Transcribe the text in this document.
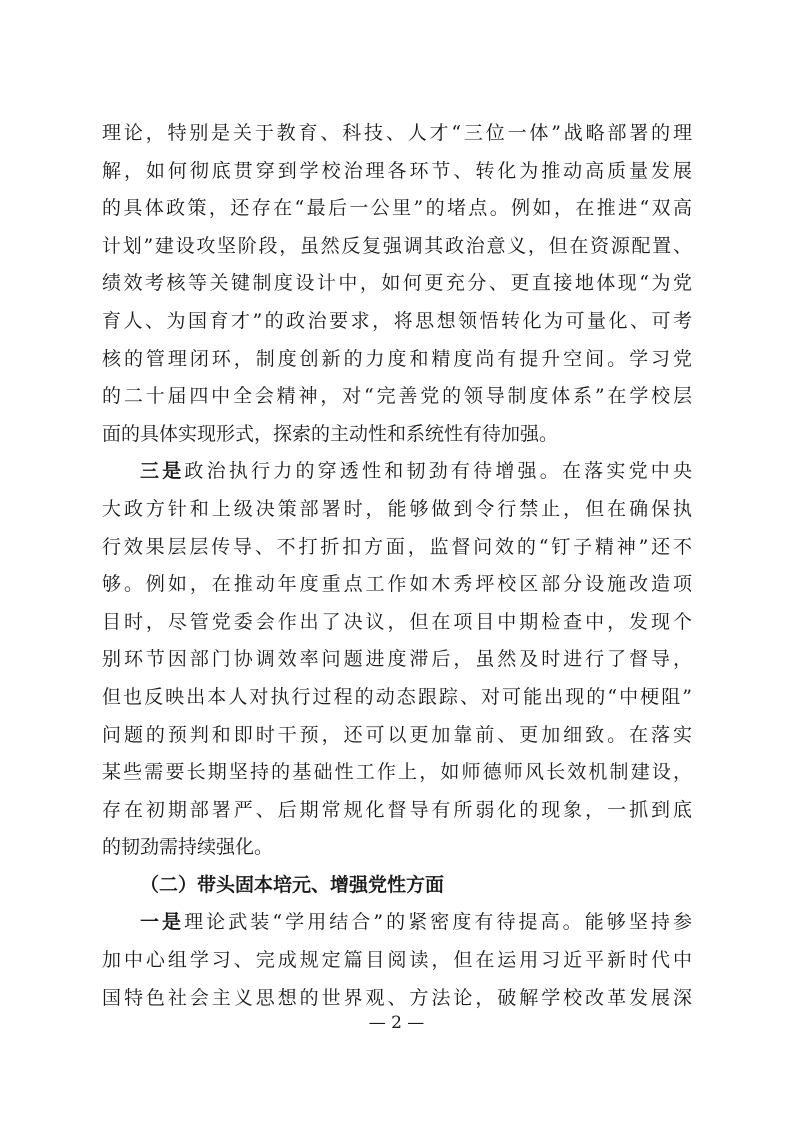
理论，特别是关于教育、科技、人才“三位一体”战略部署的理
解，如何彻底贯穿到学校治理各环节、转化为推动高质量发展
的具体政策，还存在“最后一公里”的堵点。例如，在推进“双高
计划”建设攻坚阶段，虽然反复强调其政治意义，但在资源配置、
绩效考核等关键制度设计中，如何更充分、更直接地体现“为党
育人、为国育才”的政治要求，将思想领悟转化为可量化、可考
核的管理闭环，制度创新的力度和精度尚有提升空间。学习党
的二十届四中全会精神，对“完善党的领导制度体系”在学校层
面的具体实现形式，探索的主动性和系统性有待加强。
三是政治执行力的穿透性和韧劲有待增强。在落实党中央
大政方针和上级决策部署时，能够做到令行禁止，但在确保执
行效果层层传导、不打折扣方面，监督问效的“钉子精神”还不
够。例如，在推动年度重点工作如木秀坪校区部分设施改造项
目时，尽管党委会作出了决议，但在项目中期检查中，发现个
别环节因部门协调效率问题进度滞后，虽然及时进行了督导，
但也反映出本人对执行过程的动态跟踪、对可能出现的“中梗阻”
问题的预判和即时干预，还可以更加靠前、更加细致。在落实
某些需要长期坚持的基础性工作上，如师德师风长效机制建设，
存在初期部署严、后期常规化督导有所弱化的现象，一抓到底
的韧劲需持续强化。
（二）带头固本培元、增强党性方面
一是理论武装“学用结合”的紧密度有待提高。能够坚持参
加中心组学习、完成规定篇目阅读，但在运用习近平新时代中
国特色社会主义思想的世界观、方法论，破解学校改革发展深
— 2 —
